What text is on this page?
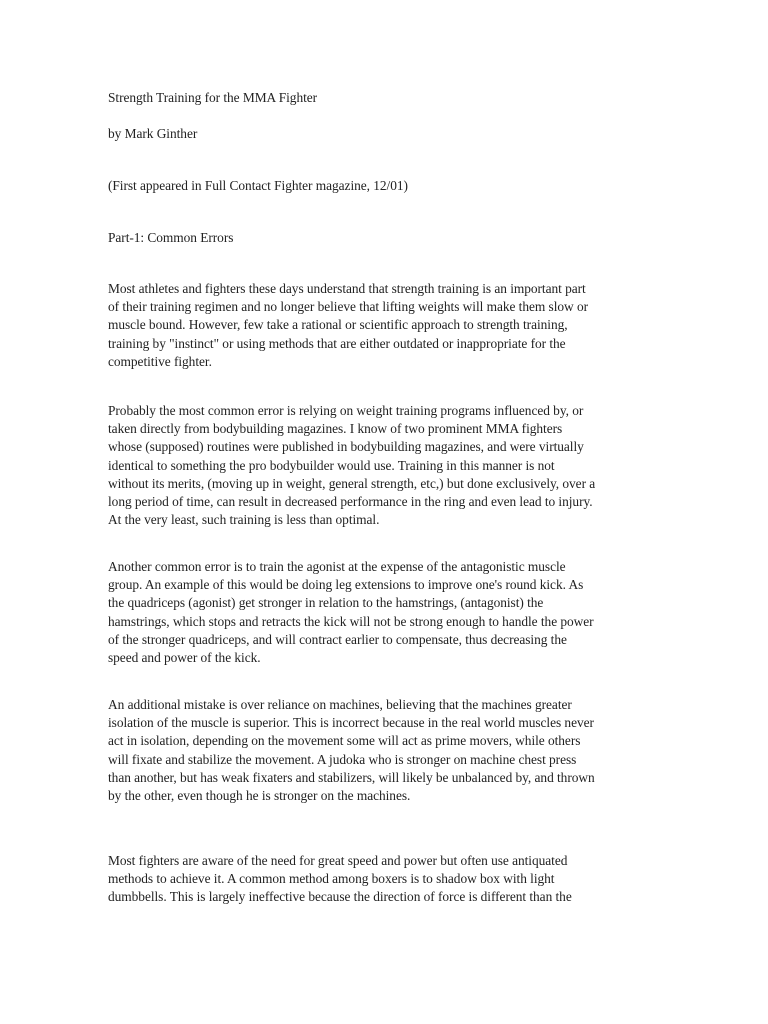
Strength Training for the MMA Fighter
by Mark Ginther
(First appeared in Full Contact Fighter magazine, 12/01)
Part-1: Common Errors
Most athletes and fighters these days understand that strength training is an important part
of their training regimen and no longer believe that lifting weights will make them slow or
muscle bound. However, few take a rational or scientific approach to strength training,
training by "instinct" or using methods that are either outdated or inappropriate for the
competitive fighter.
Probably the most common error is relying on weight training programs influenced by, or
taken directly from bodybuilding magazines. I know of two prominent MMA fighters
whose (supposed) routines were published in bodybuilding magazines, and were virtually
identical to something the pro bodybuilder would use. Training in this manner is not
without its merits, (moving up in weight, general strength, etc,) but done exclusively, over a
long period of time, can result in decreased performance in the ring and even lead to injury.
At the very least, such training is less than optimal.
Another common error is to train the agonist at the expense of the antagonistic muscle
group. An example of this would be doing leg extensions to improve one's round kick. As
the quadriceps (agonist) get stronger in relation to the hamstrings, (antagonist) the
hamstrings, which stops and retracts the kick will not be strong enough to handle the power
of the stronger quadriceps, and will contract earlier to compensate, thus decreasing the
speed and power of the kick.
An additional mistake is over reliance on machines, believing that the machines greater
isolation of the muscle is superior. This is incorrect because in the real world muscles never
act in isolation, depending on the movement some will act as prime movers, while others
will fixate and stabilize the movement. A judoka who is stronger on machine chest press
than another, but has weak fixaters and stabilizers, will likely be unbalanced by, and thrown
by the other, even though he is stronger on the machines.
Most fighters are aware of the need for great speed and power but often use antiquated
methods to achieve it. A common method among boxers is to shadow box with light
dumbbells. This is largely ineffective because the direction of force is different than the
